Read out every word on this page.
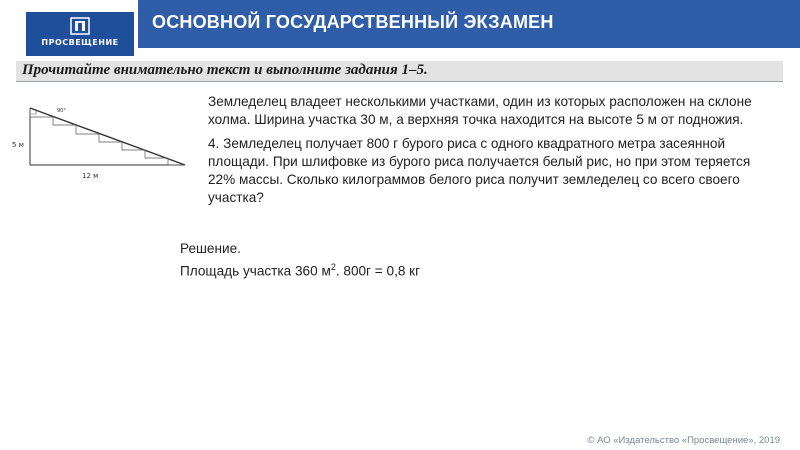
ПРОСВЕЩЕНИЕ
ОСНОВНОЙ ГОСУДАРСТВЕННЫЙ ЭКЗАМЕН
Прочитайте внимательно текст и выполните задания 1–5.
90°
5 м
12 м

Земледелец владеет несколькими участками, один из которых расположен на склоне холма. Ширина участка 30 м, а верхняя точка находится на высоте 5 м от подножия.

4. Земледелец получает 800 г бурого риса с одного квадратного метра засеянной площади. При шлифовке из бурого риса получается белый рис, но при этом теряется 22% массы. Сколько килограммов белого риса получит земледелец со всего своего участка?

Решение.
Площадь участка 360 $м^2$. 800г = 0,8 кг
© АО «Издательство «Просвещение», 2019
